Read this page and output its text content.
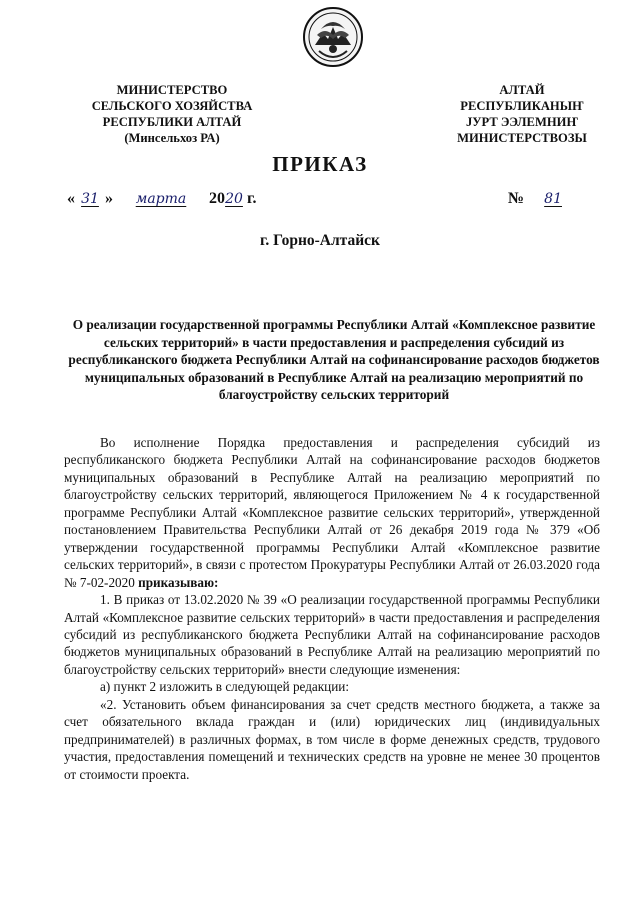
МИНИСТЕРСТВО
СЕЛЬСКОГО ХОЗЯЙСТВА
РЕСПУБЛИКИ АЛТАЙ
(Минсельхоз РА)
АЛТАЙ
РЕСПУБЛИКАНЫҤ
ЈУРТ ЭЭЛЕМНИҤ
МИНИСТЕРСТВОЗЫ
ПРИКАЗ
« 31 » марта 2020 г.	№ 81
г. Горно-Алтайск
О реализации государственной программы Республики Алтай «Комплексное развитие сельских территорий» в части предоставления и распределения субсидий из республиканского бюджета Республики Алтай на софинансирование расходов бюджетов муниципальных образований в Республике Алтай на реализацию мероприятий по благоустройству сельских территорий

Во исполнение Порядка предоставления и распределения субсидий из республиканского бюджета Республики Алтай на софинансирование расходов бюджетов муниципальных образований в Республике Алтай на реализацию мероприятий по благоустройству сельских территорий, являющегося Приложением № 4 к государственной программе Республики Алтай «Комплексное развитие сельских территорий», утвержденной постановлением Правительства Республики Алтай от 26 декабря 2019 года № 379 «Об утверждении государственной программы Республики Алтай «Комплексное развитие сельских территорий», в связи с протестом Прокуратуры Республики Алтай от 26.03.2020 года № 7-02-2020 приказываю:

1. В приказ от 13.02.2020 № 39 «О реализации государственной программы Республики Алтай «Комплексное развитие сельских территорий» в части предоставления и распределения субсидий из республиканского бюджета Республики Алтай на софинансирование расходов бюджетов муниципальных образований в Республике Алтай на реализацию мероприятий по благоустройству сельских территорий» внести следующие изменения:

а) пункт 2 изложить в следующей редакции:

«2. Установить объем финансирования за счет средств местного бюджета, а также за счет обязательного вклада граждан и (или) юридических лиц (индивидуальных предпринимателей) в различных формах, в том числе в форме денежных средств, трудового участия, предоставления помещений и технических средств на уровне не менее 30 процентов от стоимости проекта.
